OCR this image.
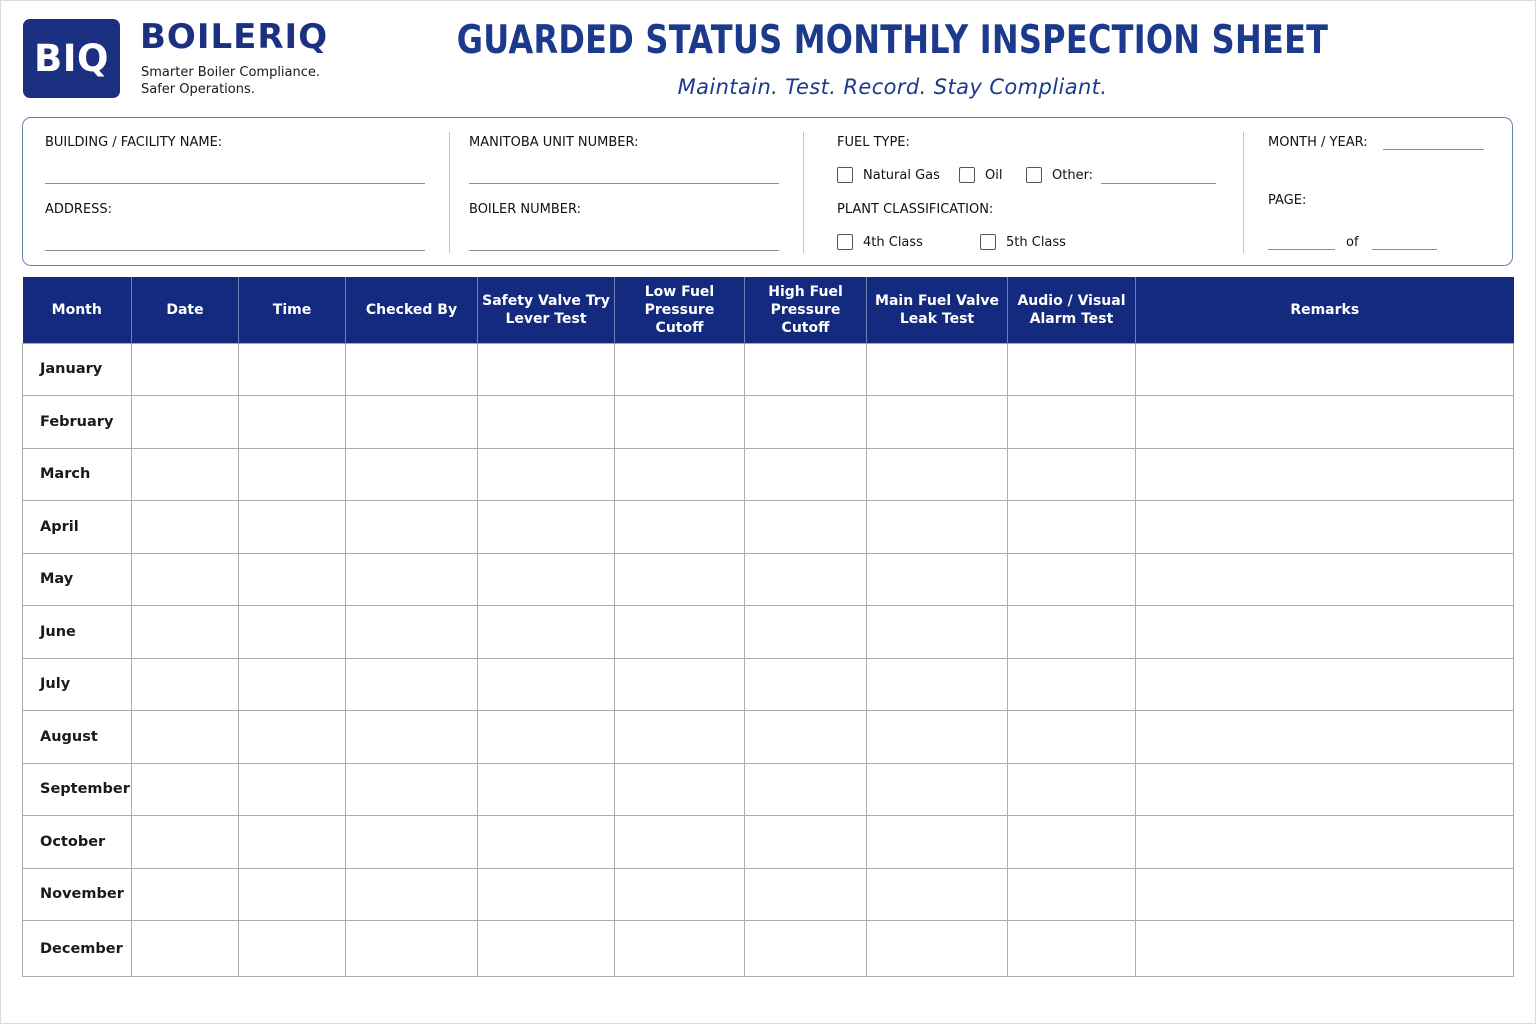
BIQ BOILERIQ
Smarter Boiler Compliance.
Safer Operations.
GUARDED STATUS MONTHLY INSPECTION SHEET
Maintain. Test. Record. Stay Compliant.
BUILDING / FACILITY NAME:
ADDRESS:
MANITOBA UNIT NUMBER:
BOILER NUMBER:
FUEL TYPE:
Natural Gas	Oil	Other:
PLANT CLASSIFICATION:
4th Class	5th Class
MONTH / YEAR:
PAGE:
of
Month	Date	Time	Checked By	Safety Valve Try Lever Test	Low Fuel Pressure Cutoff	High Fuel Pressure Cutoff	Main Fuel Valve Leak Test	Audio / Visual Alarm Test	Remarks
January									
February									
March									
April									
May									
June									
July									
August									
September									
October									
November									
December									
